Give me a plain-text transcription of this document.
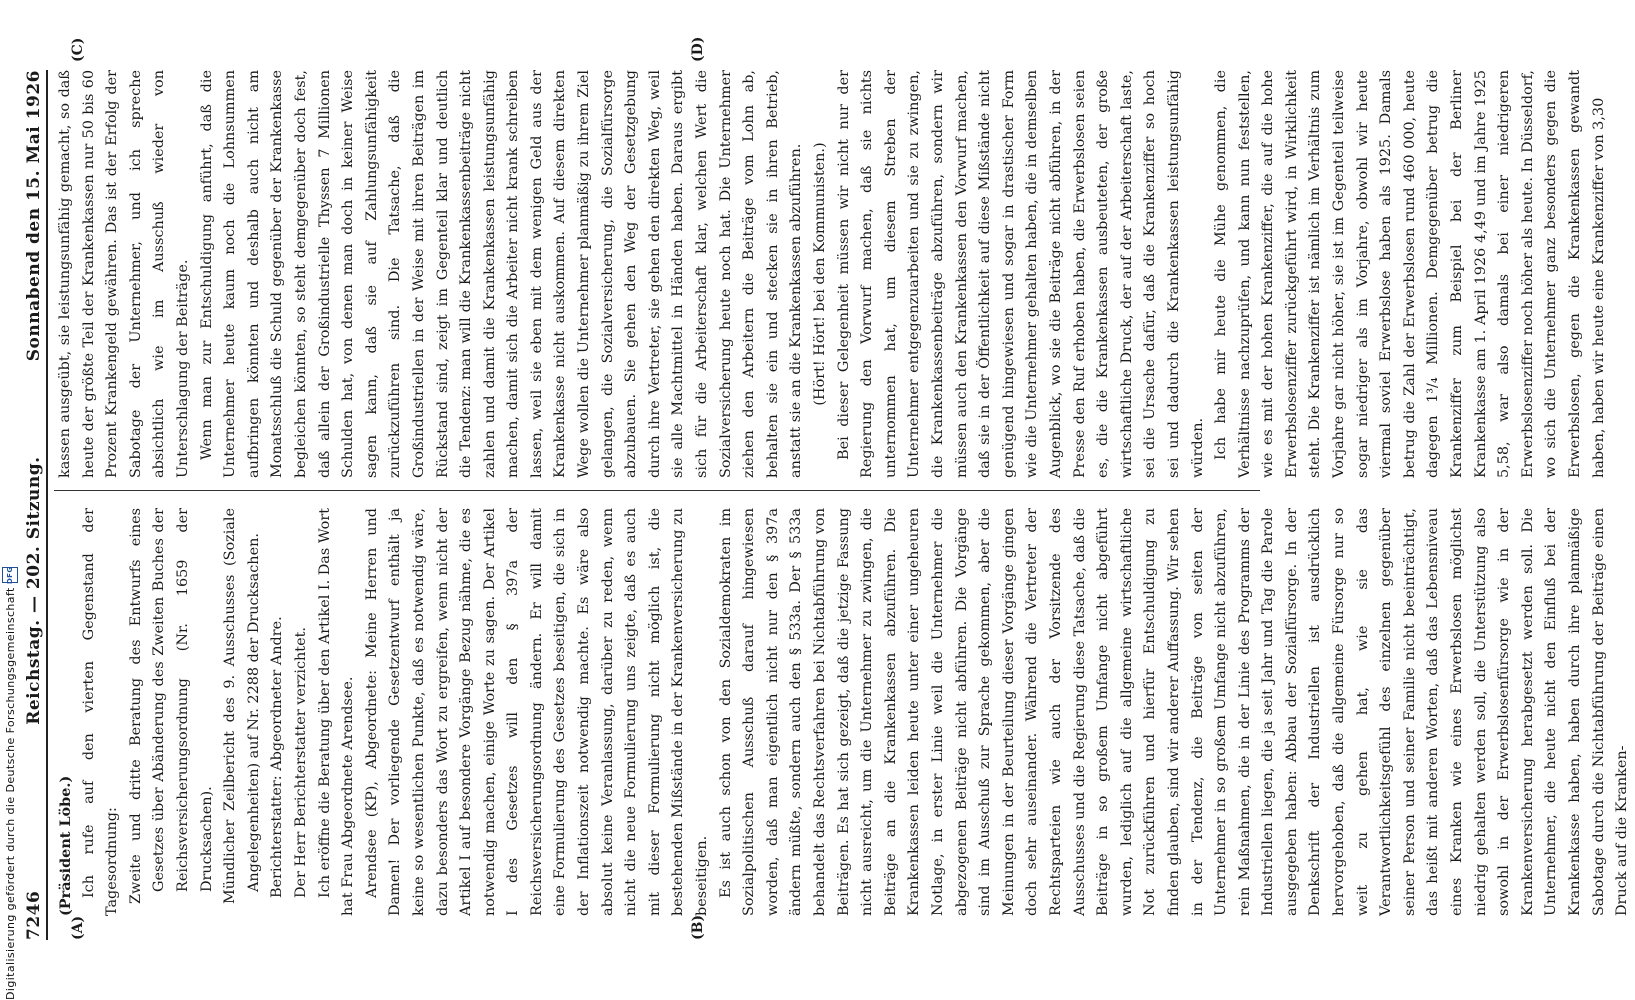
7246
Reichstag. — 202. Sitzung.
Sonnabend den 15. Mai 1926
(A)	(B)
(C)	(D)

(Präsident Löbe.) Ich rufe auf den vierten Gegenstand der Tagesordnung: Zweite und dritte Beratung des Entwurfs eines Gesetzes über Abänderung des Zweiten Buches der Reichsversicherungsordnung (Nr. 1659 der Drucksachen). Mündlicher Zeilbericht des 9. Ausschusses (Soziale Angelegenheiten) auf Nr. 2288 der Drucksachen. Berichterstatter: Abgeordneter Andre. Der Herr Berichterstatter verzichtet. Ich eröffne die Beratung über den Artikel I. Das Wort hat Frau Abgeordnete Arendsee. Arendsee (KP), Abgeordnete: Meine Herren und Damen! Der vorliegende Gesetzentwurf enthält ja keine so wesentlichen Punkte, daß es notwendig wäre, dazu besonders das Wort zu ergreifen, wenn nicht der Artikel I auf besondere Vorgänge Bezug nähme, die es notwendig machen, einige Worte zu sagen. Der Artikel I des Gesetzes will den § 397a der Reichsversicherungsordnung ändern. Er will damit eine Formulierung des Gesetzes beseitigen, die sich in der Inflationszeit notwendig machte. Es wäre also absolut keine Veranlassung, darüber zu reden, wenn nicht die neue Formulierung uns zeigte, daß es auch mit dieser Formulierung nicht möglich ist, die bestehenden Mißstände in der Krankenversicherung zu beseitigen. Es ist auch schon von den Sozialdemokraten im Sozialpolitischen Ausschuß darauf hingewiesen worden, daß man eigentlich nicht nur den § 397a ändern müßte, sondern auch den § 533a. Der § 533a behandelt das Rechtsverfahren bei Nichtabführung von Beiträgen. Es hat sich gezeigt, daß die jetzige Fassung nicht ausreicht, um die Unternehmer zu zwingen, die Beiträge an die Krankenkassen abzuführen. Die Krankenkassen leiden heute unter einer ungeheuren Notlage, in erster Linie weil die Unternehmer die abgezogenen Beiträge nicht abführen. Die Vorgänge sind im Ausschuß zur Sprache gekommen, aber die Meinungen in der Beurteilung dieser Vorgänge gingen doch sehr auseinander. Während die Vertreter der Rechtsparteien wie auch der Vorsitzende des Ausschusses und die Regierung diese Tatsache, daß die Beiträge in so großem Umfange nicht abgeführt wurden, lediglich auf die allgemeine wirtschaftliche Not zurückführen und hierfür Entschuldigung zu finden glauben, sind wir anderer Auffassung. Wir sehen in der Tendenz, die Beiträge von seiten der Unternehmer in so großem Umfange nicht abzuführen, rein Maßnahmen, die in der Linie des Programms der Industriellen liegen, die ja seit Jahr und Tag die Parole ausgegeben haben: Abbau der Sozialfürsorge. In der Denkschrift der Industriellen ist ausdrücklich hervorgehoben, daß die allgemeine Fürsorge nur so weit zu gehen hat, wie sie das Verantwortlichkeitsgefühl des einzelnen gegenüber seiner Person und seiner Familie nicht beeinträchtigt, das heißt mit anderen Worten, daß das Lebensniveau eines Kranken wie eines Erwerbslosen möglichst niedrig gehalten werden soll, die Unterstützung also sowohl in der Erwerbslosenfürsorge wie in der Krankenversicherung herabgesetzt werden soll. Die Unternehmer, die heute nicht den Einfluß bei der Krankenkasse haben, haben durch ihre planmäßige Sabotage durch die Nichtabführung der Beiträge einen Druck auf die Kranken-

kassen ausgeübt, sie leistungsunfähig gemacht, so daß heute der größte Teil der Krankenkassen nur 50 bis 60 Prozent Krankengeld gewähren. Das ist der Erfolg der Sabotage der Unternehmer, und ich spreche absichtlich wie im Ausschuß wieder von Unterschlagung der Beiträge. Wenn man zur Entschuldigung anführt, daß die Unternehmer heute kaum noch die Lohnsummen aufbringen könnten und deshalb auch nicht am Monatsschluß die Schuld gegenüber der Krankenkasse begleichen könnten, so steht demgegenüber doch fest, daß allein der Großindustrielle Thyssen 7 Millionen Schulden hat, von denen man doch in keiner Weise sagen kann, daß sie auf Zahlungsunfähigkeit zurückzuführen sind. Die Tatsache, daß die Großindustriellen in der Weise mit ihren Beiträgen im Rückstand sind, zeigt im Gegenteil klar und deutlich die Tendenz: man will die Krankenkassenbeiträge nicht zahlen und damit die Krankenkassen leistungsunfähig machen, damit sich die Arbeiter nicht krank schreiben lassen, weil sie eben mit dem wenigen Geld aus der Krankenkasse nicht auskommen. Auf diesem direkten Wege wollen die Unternehmer planmäßig zu ihrem Ziel gelangen, die Sozialversicherung, die Sozialfürsorge abzubauen. Sie gehen den Weg der Gesetzgebung durch ihre Vertreter, sie gehen den direkten Weg, weil sie alle Machtmittel in Händen haben. Daraus ergibt sich für die Arbeiterschaft klar, welchen Wert die Sozialversicherung heute noch hat. Die Unternehmer ziehen den Arbeitern die Beiträge vom Lohn ab, behalten sie ein und stecken sie in ihren Betrieb, anstatt sie an die Krankenkassen abzuführen. (Hört! Hört! bei den Kommunisten.) Bei dieser Gelegenheit müssen wir nicht nur der Regierung den Vorwurf machen, daß sie nichts unternommen hat, um diesem Streben der Unternehmer entgegenzuarbeiten und sie zu zwingen, die Krankenkassenbeiträge abzuführen, sondern wir müssen auch den Krankenkassen den Vorwurf machen, daß sie in der Öffentlichkeit auf diese Mißstände nicht genügend hingewiesen und sogar in drastischer Form wie die Unternehmer gehalten haben, die in demselben Augenblick, wo sie die Beiträge nicht abführen, in der Presse den Ruf erhoben haben, die Erwerbslosen seien es, die die Krankenkassen ausbeuteten, der große wirtschaftliche Druck, der auf der Arbeiterschaft laste, sei die Ursache dafür, daß die Krankenziffer so hoch sei und dadurch die Krankenkassen leistungsunfähig würden. Ich habe mir heute die Mühe genommen, die Verhältnisse nachzuprüfen, und kann nun feststellen, wie es mit der hohen Krankenziffer, die auf die hohe Erwerbslosenziffer zurückgeführt wird, in Wirklichkeit steht. Die Krankenziffer ist nämlich im Verhältnis zum Vorjahre gar nicht höher, sie ist im Gegenteil teilweise sogar niedriger als im Vorjahre, obwohl wir heute viermal soviel Erwerbslose haben als 1925. Damals betrug die Zahl der Erwerbslosen rund 460 000, heute dagegen 1³/₄ Millionen. Demgegenüber betrug die Krankenziffer zum Beispiel bei der Berliner Krankenkasse am 1. April 1926 4,49 und im Jahre 1925 5,58, war also damals bei einer niedrigeren Erwerbslosenziffer noch höher als heute. In Düsseldorf, wo sich die Unternehmer ganz besonders gegen die Erwerbslosen, gegen die Krankenkassen gewandt haben, haben wir heute eine Krankenziffer von 3,30

Digitalisierung gefördert durch die Deutsche Forschungsgemeinschaft
DFG
